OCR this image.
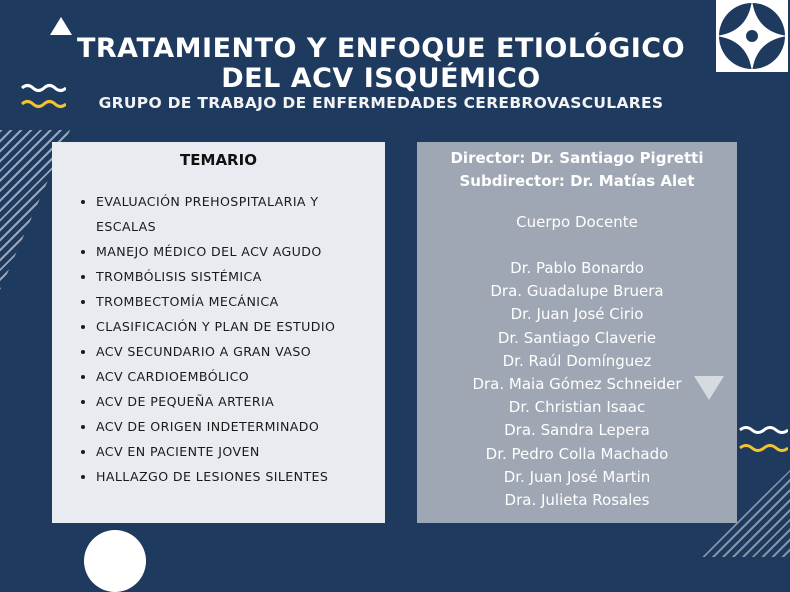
TRATAMIENTO Y ENFOQUE ETIOLÓGICO
DEL ACV ISQUÉMICO
GRUPO DE TRABAJO DE ENFERMEDADES CEREBROVASCULARES
TEMARIO
• EVALUACIÓN PREHOSPITALARIA Y ESCALAS
• MANEJO MÉDICO DEL ACV AGUDO
• TROMBÓLISIS SISTÉMICA
• TROMBECTOMÍA MECÁNICA
• CLASIFICACIÓN Y PLAN DE ESTUDIO
• ACV SECUNDARIO A GRAN VASO
• ACV CARDIOEMBÓLICO
• ACV DE PEQUEÑA ARTERIA
• ACV DE ORIGEN INDETERMINADO
• ACV EN PACIENTE JOVEN
• HALLAZGO DE LESIONES SILENTES
Director: Dr. Santiago Pigretti
Subdirector: Dr. Matías Alet
Cuerpo Docente
Dr. Pablo Bonardo
Dra. Guadalupe Bruera
Dr. Juan José Cirio
Dr. Santiago Claverie
Dr. Raúl Domínguez
Dra. Maia Gómez Schneider
Dr. Christian Isaac
Dra. Sandra Lepera
Dr. Pedro Colla Machado
Dr. Juan José Martin
Dra. Julieta Rosales
